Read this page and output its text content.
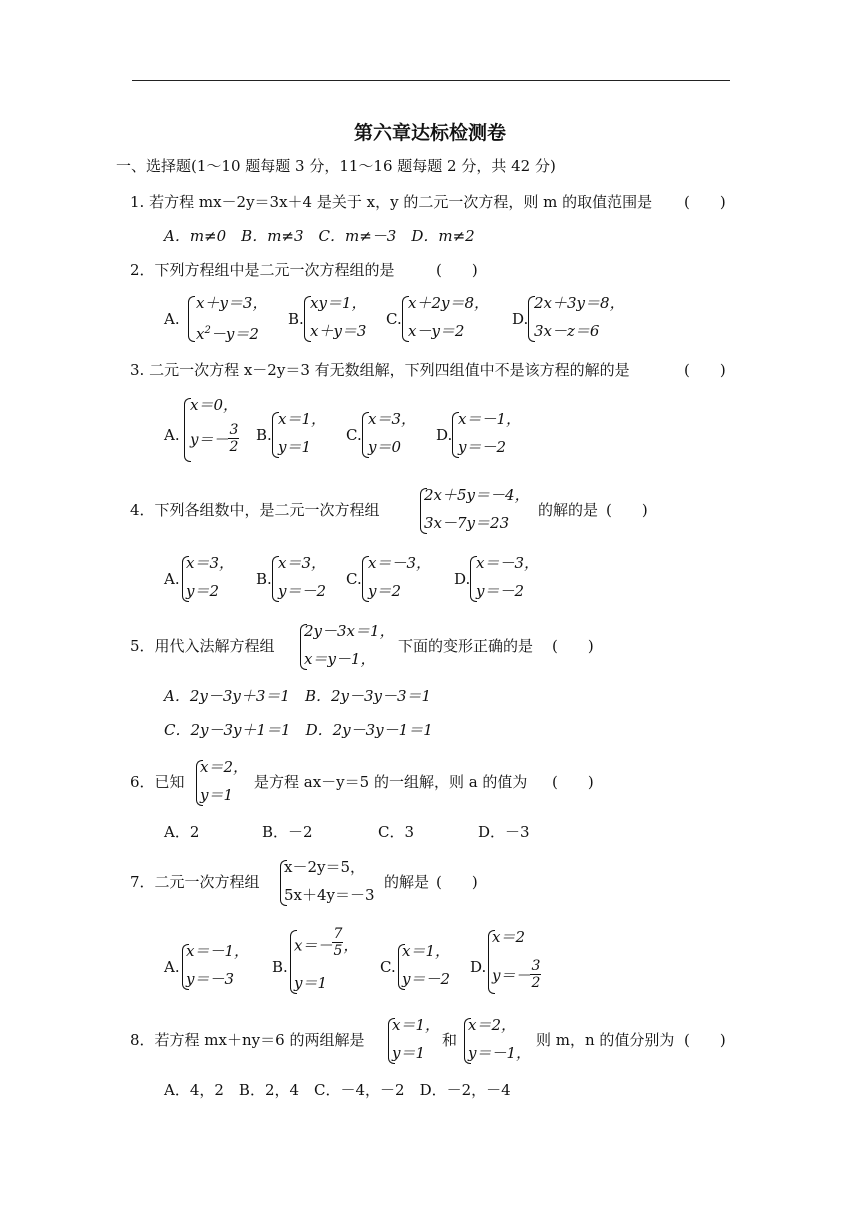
第六章达标检测卷
一、选择题(1～10 题每题 3 分，11～16 题每题 2 分，共 42 分)
1. 若方程 mx－2y＝3x＋4 是关于 x，y 的二元一次方程，则 m 的取值范围是 (　　)
A．m≠0　B．m≠3　C．m≠－3　D．m≠2
2．下列方程组中是二元一次方程组的是	(　　)
A.
x＋y＝3，
$x^2-y=2$
B.
xy＝1，
x＋y＝3
C.
x＋2y＝8，
x－y＝2
D.
2x＋3y＝8，
3x－z＝6
3. 二元一次方程 x－2y＝3 有无数组解，下列四组值中不是该方程的解的是	(　　)
A.
x＝0，
$y=- \frac{3}{2} B$.
x＝1，
y＝1
C.
x＝3，
y＝0
D.
x＝－1，
y＝－2
4．下列各组数中，是二元一次方程组
2x＋5y＝－4，
3x－7y＝23
的解的是 (　　)
A.
x＝3，
y＝2
B.
x＝3，
y＝－2
C.
x＝－3，
y＝2
D.
x＝－3，
y＝－2
5．用代入法解方程组
2y－3x＝1，
x＝y－1，
下面的变形正确的是 (　　)
A．2y－3y＋3＝1　B．2y－3y－3＝1
C．2y－3y＋1＝1　D．2y－3y－1＝1
6．已知
x＝2，
y＝1
是方程 ax－y＝5 的一组解，则 a 的值为 (　　)
A．2	B．－2	C．3	D．－3
7．二元一次方程组
x－2y＝5，
5x＋4y＝－3
的解是 (　　)
A.
x＝－1，
y＝－3
B.
$x=- \frac{7}{5}$ ，
y＝1
C.
x＝1，
y＝－2
D.
x＝2
$y=- \frac{3}{2}$
8．若方程 mx＋ny＝6 的两组解是
x＝1，
y＝1
和
x＝2，
y＝－1，
则 m，n 的值分别为 (　　)
A．4，2　B．2，4　C．－4，－2　D．－2，－4
